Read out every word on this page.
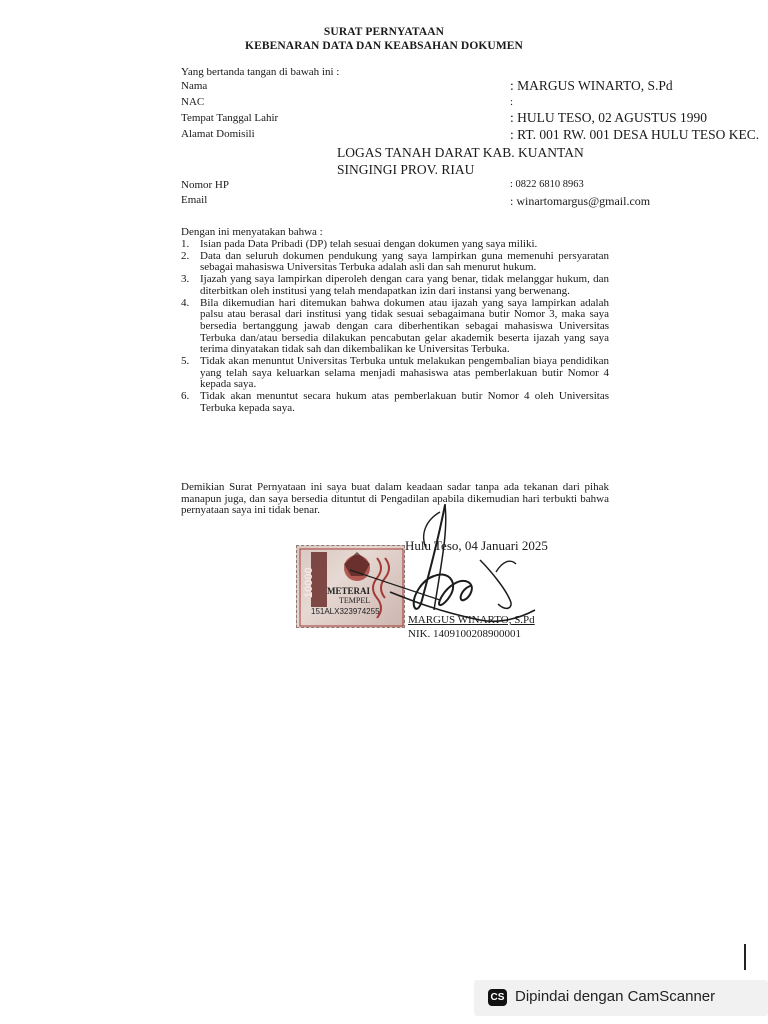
SURAT PERNYATAAN
KEBENARAN DATA DAN KEABSAHAN DOKUMEN
Yang bertanda tangan di bawah ini :
Nama	: MARGUS WINARTO, S.Pd
NAC	:
Tempat Tanggal Lahir	: HULU TESO, 02 AGUSTUS 1990
Alamat Domisili	: RT. 001 RW. 001 DESA HULU TESO KEC.
LOGAS TANAH DARAT KAB. KUANTAN
SINGINGI PROV. RIAU
Nomor HP	: 0822 6810 8963
Email	: winartomargus@gmail.com
Dengan ini menyatakan bahwa :
1. Isian pada Data Pribadi (DP) telah sesuai dengan dokumen yang saya miliki.
2. Data dan seluruh dokumen pendukung yang saya lampirkan guna memenuhi persyaratan sebagai mahasiswa Universitas Terbuka adalah asli dan sah menurut hukum.
3. Ijazah yang saya lampirkan diperoleh dengan cara yang benar, tidak melanggar hukum, dan diterbitkan oleh institusi yang telah mendapatkan izin dari instansi yang berwenang.
4. Bila dikemudian hari ditemukan bahwa dokumen atau ijazah yang saya lampirkan adalah palsu atau berasal dari institusi yang tidak sesuai sebagaimana butir Nomor 3, maka saya bersedia bertanggung jawab dengan cara diberhentikan sebagai mahasiswa Universitas Terbuka dan/atau bersedia dilakukan pencabutan gelar akademik beserta ijazah yang saya terima dinyatakan tidak sah dan dikembalikan ke Universitas Terbuka.
5. Tidak akan menuntut Universitas Terbuka untuk melakukan pengembalian biaya pendidikan yang telah saya keluarkan selama menjadi mahasiswa atas pemberlakuan butir Nomor 4 kepada saya.
6. Tidak akan menuntut secara hukum atas pemberlakuan butir Nomor 4 oleh Universitas Terbuka kepada saya.
Demikian Surat Pernyataan ini saya buat dalam keadaan sadar tanpa ada tekanan dari pihak manapun juga, dan saya bersedia dituntut di Pengadilan apabila dikemudian hari terbukti bahwa pernyataan saya ini tidak benar.
10000 METERAI
TEMPEL
151ALX323974255
Hulu Teso, 04 Januari 2025
MARGUS WINARTO, S.Pd
NIK. 1409100208900001
CS Dipindai dengan CamScanner
